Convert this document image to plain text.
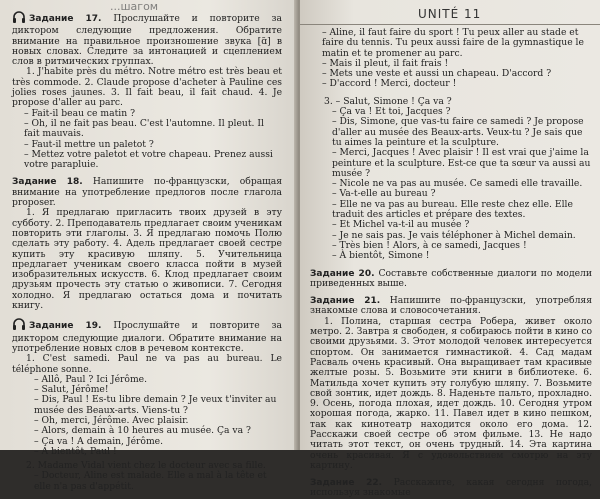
...шагом
Задание 17. Прослушайте и повторите за диктором следующие предложения. Обратите внимание на правильное произношение звука [ɑ̃] в новых словах. Следите за интонацией и сцеплением слов в ритмических группах.

1. J'habite près du métro. Notre métro est très beau et très commode. 2. Claude propose d'acheter à Pauline ces jolies roses jaunes. 3. Il fait beau, il fait chaud. 4. Je propose d'aller au parc.

– Fait-il beau ce matin ?

– Oh, il ne fait pas beau. C'est l'automne. Il pleut. Il fait mauvais.

– Faut-il mettre un paletot ?

– Mettez votre paletot et votre chapeau. Prenez aussi votre parapluie.

Задание 18. Напишите по-французски, обращая внимание на употребление предлогов после глагола proposer.

1. Я предлагаю пригласить твоих друзей в эту субботу. 2. Преподаватель предлагает своим ученикам повторить эти глаголы. 3. Я предлагаю помочь Полю сделать эту работу. 4. Адель предлагает своей сестре купить эту красивую шляпу. 5. Учительница предлагает ученикам своего класса пойти в музей изобразительных искусств. 6. Клод предлагает своим друзьям прочесть эту статью о живописи. 7. Сегодня холодно. Я предлагаю остаться дома и почитать книгу.

Задание 19. Прослушайте и повторите за диктором следующие диалоги. Обратите внимание на употребление новых слов в речевом контексте.

1. C'est samedi. Paul ne va pas au bureau. Le téléphone sonne.

– Allô, Paul ? Ici Jérôme.

– Salut, Jérôme!

– Dis, Paul ! Es-tu libre demain ? Je veux t'inviter au musée des Beaux-arts. Viens-tu ?

– Oh, merci, Jérôme. Avec plaisir.

– Alors, demain à 10 heures au musée. Ça va ?

– Ça va ! A demain, Jérôme.

– A bientôt, Paul !

2. Madame Vidal vient chez le docteur avec sa fille.

– Docteur, Aline est malade. Elle a mal à la tête et elle n'a pas d'appétit.

UNITÉ 11

– Aline, il faut faire du sport ! Tu peux aller au stade et faire du tennis. Tu peux aussi faire de la gymnastique le matin et te promener au parc.

– Mais il pleut, il fait frais !

– Mets une veste et aussi un chapeau. D'accord ?

– D'accord ! Merci, docteur !

3. – Salut, Simone ! Ça va ?

– Ça va ! Et toi, Jacques ?

– Dis, Simone, que vas-tu faire ce samedi ? Je propose d'aller au musée des Beaux-arts. Veux-tu ? Je sais que tu aimes la peinture et la sculpture.

– Merci, Jacques ! Avec plaisir ! Il est vrai que j'aime la peinture et la sculpture. Est-ce que ta sœur va aussi au musée ?

– Nicole ne va pas au musée. Ce samedi elle travaille.

– Va-t-elle au bureau ?

– Elle ne va pas au bureau. Elle reste chez elle. Elle traduit des articles et prépare des textes.

– Et Michel va-t-il au musée ?

– Je ne sais pas. Je vais téléphoner à Michel demain.

– Très bien ! Alors, à ce samedi, Jacques !

– À bientôt, Simone !

Задание 20. Составьте собственные диалоги по модели приведенных выше.
Задание 21. Напишите по-французски, употребляя знакомые слова и словосочетания.

1. Полина, старшая сестра Робера, живет около метро. 2. Завтра я свободен, я собираюсь пойти в кино со своими друзьями. 3. Этот молодой человек интересуется спортом. Он занимается гимнастикой. 4. Сад мадам Расваль очень красивый. Она выращивает там красивые желтые розы. 5. Возьмите эти книги в библиотеке. 6. Матильда хочет купить эту голубую шляпу. 7. Возьмите свой зонтик, идет дождь. 8. Наденьте пальто, прохладно. 9. Осень, погода плохая, идет дождь. 10. Сегодня утром хорошая погода, жарко. 11. Павел идет в кино пешком, так как кинотеатр находится около его дома. 12. Расскажи своей сестре об этом фильме. 13. Не надо читать этот текст, он очень трудный. 14. Эта картина очень красивая. Я с удовольствием смотрю на эту картину.

Задание 22. Расскажите, какая сегодня погода, используя знакомые
